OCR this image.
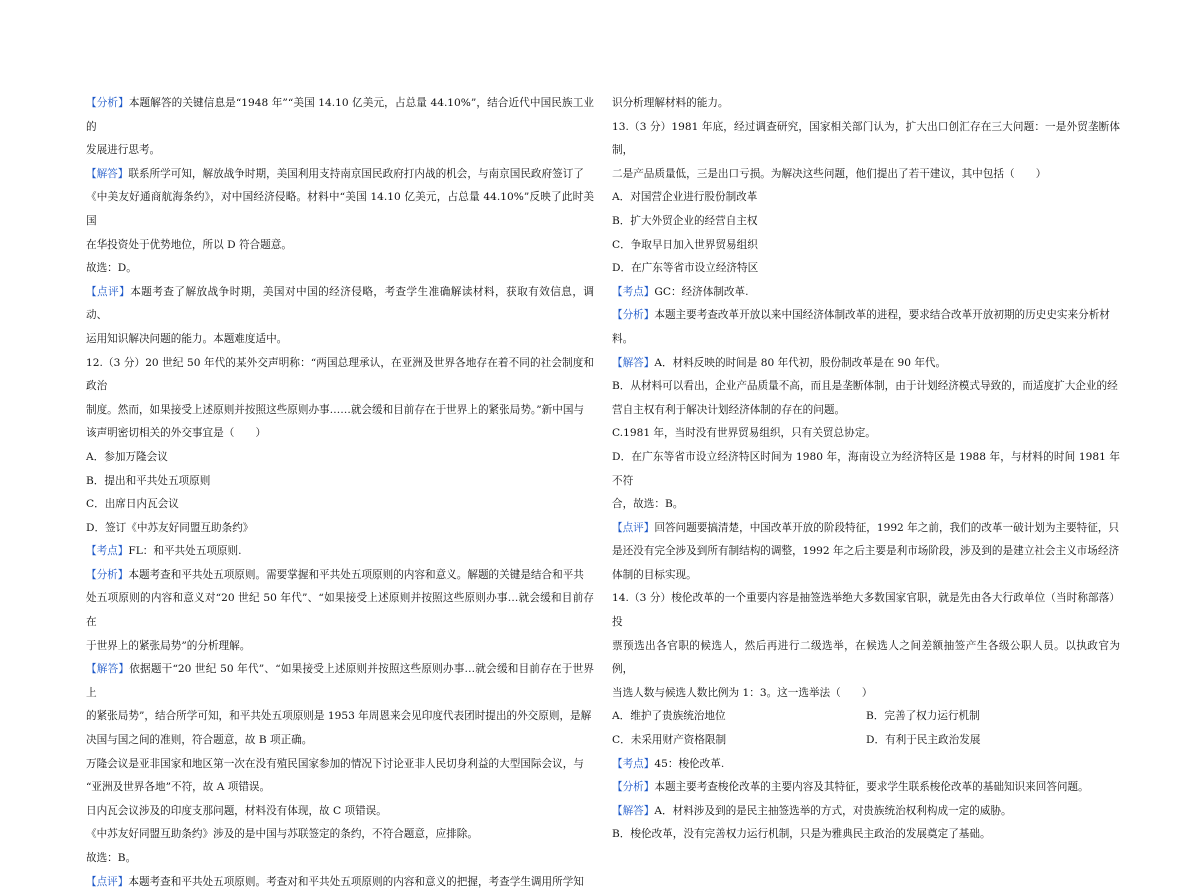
【分析】本题解答的关键信息是“1948 年”“美国 14.10 亿美元，占总量 44.10%”，结合近代中国民族工业的

发展进行思考。

【解答】联系所学可知，解放战争时期，美国利用支持南京国民政府打内战的机会，与南京国民政府签订了

《中美友好通商航海条约》，对中国经济侵略。材料中“美国 14.10 亿美元，占总量 44.10%”反映了此时美国

在华投资处于优势地位，所以 D 符合题意。

故选：D。

【点评】本题考查了解放战争时期，美国对中国的经济侵略，考查学生准确解读材料，获取有效信息，调动、

运用知识解决问题的能力。本题难度适中。

12.（3 分）20 世纪 50 年代的某外交声明称：“两国总理承认，在亚洲及世界各地存在着不同的社会制度和政治

制度。然而，如果接受上述原则并按照这些原则办事……就会缓和目前存在于世界上的紧张局势。”新中国与

该声明密切相关的外交事宜是（　　）

A．参加万隆会议

B．提出和平共处五项原则

C．出席日内瓦会议

D．签订《中苏友好同盟互助条约》

【考点】FL：和平共处五项原则.

【分析】本题考查和平共处五项原则。需要掌握和平共处五项原则的内容和意义。解题的关键是结合和平共

处五项原则的内容和意义对“20 世纪 50 年代”、“如果接受上述原则并按照这些原则办事…就会缓和目前存在

于世界上的紧张局势”的分析理解。

【解答】依据题干“20 世纪 50 年代”、“如果接受上述原则并按照这些原则办事…就会缓和目前存在于世界上

的紧张局势”，结合所学可知，和平共处五项原则是 1953 年周恩来会见印度代表团时提出的外交原则，是解

决国与国之间的准则，符合题意，故 B 项正确。

万隆会议是亚非国家和地区第一次在没有殖民国家参加的情况下讨论亚非人民切身利益的大型国际会议，与

“亚洲及世界各地”不符，故 A 项错误。

日内瓦会议涉及的印度支那问题，材料没有体现，故 C 项错误。

《中苏友好同盟互助条约》涉及的是中国与苏联签定的条约，不符合题意，应排除。

故选：B。

【点评】本题考查和平共处五项原则。考查对和平共处五项原则的内容和意义的把握，考查学生调用所学知

识分析理解材料的能力。

13.（3 分）1981 年底，经过调查研究，国家相关部门认为，扩大出口创汇存在三大问题：一是外贸垄断体制，

二是产品质量低，三是出口亏损。为解决这些问题，他们提出了若干建议，其中包括（　　）

A．对国营企业进行股份制改革

B．扩大外贸企业的经营自主权

C．争取早日加入世界贸易组织

D．在广东等省市设立经济特区

【考点】GC：经济体制改革.

【分析】本题主要考查改革开放以来中国经济体制改革的进程，要求结合改革开放初期的历史史实来分析材

料。

【解答】A．材料反映的时间是 80 年代初，股份制改革是在 90 年代。

B．从材料可以看出，企业产品质量不高，而且是垄断体制，由于计划经济模式导致的，而适度扩大企业的经

营自主权有利于解决计划经济体制的存在的问题。

C.1981 年，当时没有世界贸易组织，只有关贸总协定。

D．在广东等省市设立经济特区时间为 1980 年，海南设立为经济特区是 1988 年，与材料的时间 1981 年不符

合，故选：B。

【点评】回答问题要搞清楚，中国改革开放的阶段特征，1992 年之前，我们的改革一破计划为主要特征，只

是还没有完全涉及到所有制结构的调整，1992 年之后主要是利市场阶段，涉及到的是建立社会主义市场经济

体制的目标实现。

14.（3 分）梭伦改革的一个重要内容是抽签选举绝大多数国家官职，就是先由各大行政单位（当时称部落）投

票预选出各官职的候选人，然后再进行二级选举，在候选人之间差额抽签产生各级公职人员。以执政官为例，

当选人数与候选人数比例为 1：3。这一选举法（　　）

A．维护了贵族统治地位	B．完善了权力运行机制

C．未采用财产资格限制	D．有利于民主政治发展

【考点】45：梭伦改革.

【分析】本题主要考查梭伦改革的主要内容及其特征，要求学生联系梭伦改革的基础知识来回答问题。

【解答】A．材料涉及到的是民主抽签选举的方式，对贵族统治权利构成一定的威胁。

B．梭伦改革，没有完善权力运行机制，只是为雅典民主政治的发展奠定了基础。
